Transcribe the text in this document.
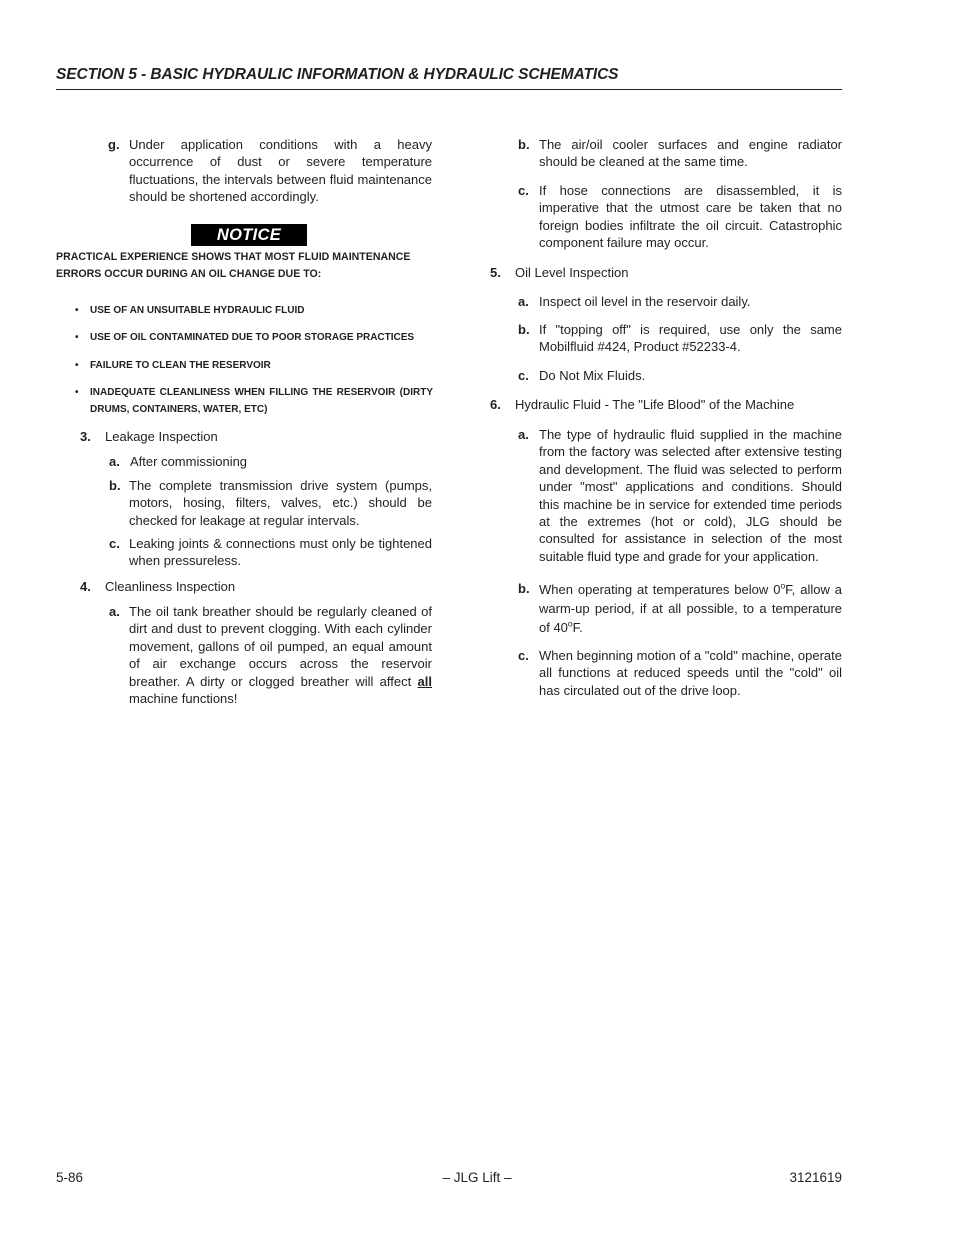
SECTION 5 - BASIC HYDRAULIC INFORMATION & HYDRAULIC SCHEMATICS
g. Under application conditions with a heavy occurrence of dust or severe temperature fluctuations, the intervals between fluid maintenance should be shortened accordingly.
NOTICE
PRACTICAL EXPERIENCE SHOWS THAT MOST FLUID MAINTENANCE ERRORS OCCUR DURING AN OIL CHANGE DUE TO:
• USE OF AN UNSUITABLE HYDRAULIC FLUID
• USE OF OIL CONTAMINATED DUE TO POOR STORAGE PRACTICES
• FAILURE TO CLEAN THE RESERVOIR
• INADEQUATE CLEANLINESS WHEN FILLING THE RESERVOIR (DIRTY DRUMS, CONTAINERS, WATER, ETC)
3. Leakage Inspection
a. After commissioning
b. The complete transmission drive system (pumps, motors, hosing, filters, valves, etc.) should be checked for leakage at regular intervals.
c. Leaking joints & connections must only be tightened when pressureless.
4. Cleanliness Inspection
a. The oil tank breather should be regularly cleaned of dirt and dust to prevent clogging. With each cylinder movement, gallons of oil pumped, an equal amount of air exchange occurs across the reservoir breather. A dirty or clogged breather will affect all machine functions!
b. The air/oil cooler surfaces and engine radiator should be cleaned at the same time.
c. If hose connections are disassembled, it is imperative that the utmost care be taken that no foreign bodies infiltrate the oil circuit. Catastrophic component failure may occur.
5. Oil Level Inspection
a. Inspect oil level in the reservoir daily.
b. If "topping off" is required, use only the same Mobilfluid #424, Product #52233-4.
c. Do Not Mix Fluids.
6. Hydraulic Fluid - The "Life Blood" of the Machine
a. The type of hydraulic fluid supplied in the machine from the factory was selected after extensive testing and development. The fluid was selected to perform under "most" applications and conditions. Should this machine be in service for extended time periods at the extremes (hot or cold), JLG should be consulted for assistance in selection of the most suitable fluid type and grade for your application.
b. When operating at temperatures below 0$^o$F, allow a warm-up period, if at all possible, to a temperature of 40$^o$F.
c. When beginning motion of a "cold" machine, operate all functions at reduced speeds until the "cold" oil has circulated out of the drive loop.
5-86	– JLG Lift –	3121619
